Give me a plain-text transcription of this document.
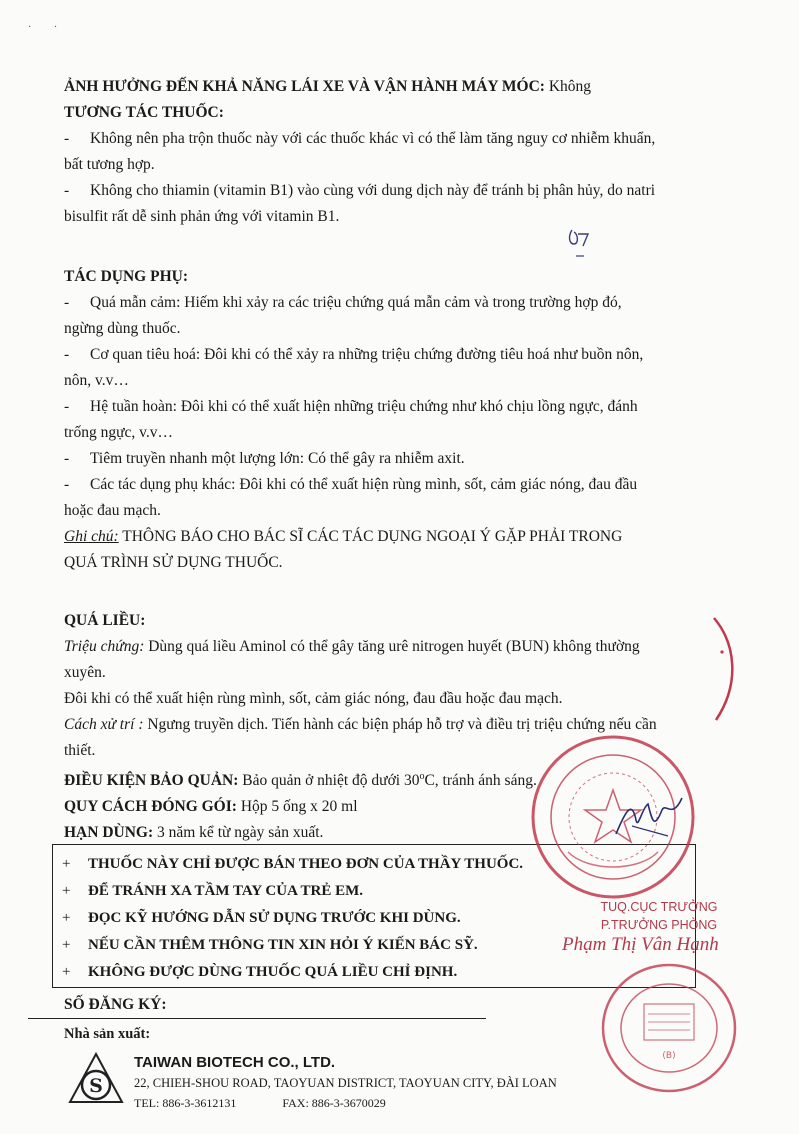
· ·
ẢNH HƯỞNG ĐẾN KHẢ NĂNG LÁI XE VÀ VẬN HÀNH MÁY MÓC: Không
TƯƠNG TÁC THUỐC:
- Không nên pha trộn thuốc này với các thuốc khác vì có thể làm tăng nguy cơ nhiễm khuẩn,
bất tương hợp.
- Không cho thiamin (vitamin B1) vào cùng với dung dịch này để tránh bị phân hủy, do natri
bisulfit rất dễ sinh phản ứng với vitamin B1.
TÁC DỤNG PHỤ:
- Quá mẫn cảm: Hiếm khi xảy ra các triệu chứng quá mẫn cảm và trong trường hợp đó,
ngừng dùng thuốc.
- Cơ quan tiêu hoá: Đôi khi có thể xảy ra những triệu chứng đường tiêu hoá như buồn nôn,
nôn, v.v…
- Hệ tuần hoàn: Đôi khi có thể xuất hiện những triệu chứng như khó chịu lồng ngực, đánh
trống ngực, v.v…
- Tiêm truyền nhanh một lượng lớn: Có thể gây ra nhiễm axit.
- Các tác dụng phụ khác: Đôi khi có thể xuất hiện rùng mình, sốt, cảm giác nóng, đau đầu
hoặc đau mạch.
Ghi chú: THÔNG BÁO CHO BÁC SĨ CÁC TÁC DỤNG NGOẠI Ý GẶP PHẢI TRONG
QUÁ TRÌNH SỬ DỤNG THUỐC.
QUÁ LIỀU:
Triệu chứng: Dùng quá liều Aminol có thể gây tăng urê nitrogen huyết (BUN) không thường
xuyên.
Đôi khi có thể xuất hiện rùng mình, sốt, cảm giác nóng, đau đầu hoặc đau mạch.
Cách xử trí : Ngưng truyền dịch. Tiến hành các biện pháp hỗ trợ và điều trị triệu chứng nếu cần
thiết.
ĐIỀU KIỆN BẢO QUẢN: Bảo quản ở nhiệt độ dưới 30$^o$C, tránh ánh sáng.
QUY CÁCH ĐÓNG GÓI: Hộp 5 ống x 20 ml
HẠN DÙNG: 3 năm kể từ ngày sản xuất.
+ THUỐC NÀY CHỈ ĐƯỢC BÁN THEO ĐƠN CỦA THẦY THUỐC.
+ ĐỂ TRÁNH XA TẦM TAY CỦA TRẺ EM.
+ ĐỌC KỸ HƯỚNG DẪN SỬ DỤNG TRƯỚC KHI DÙNG.
+ NẾU CẦN THÊM THÔNG TIN XIN HỎI Ý KIẾN BÁC SỸ.
+ KHÔNG ĐƯỢC DÙNG THUỐC QUÁ LIỀU CHỈ ĐỊNH.
SỐ ĐĂNG KÝ:
Nhà sản xuất:
S
TAIWAN BIOTECH CO., LTD.
22, CHIEH-SHOU ROAD, TAOYUAN DISTRICT, TAOYUAN CITY, ĐÀI LOAN
TEL: 886-3-3612131	FAX: 886-3-3670029
TUQ.CỤC TRƯỞNG
P.TRƯỞNG PHÒNG
Phạm Thị Vân Hạnh
(B)
